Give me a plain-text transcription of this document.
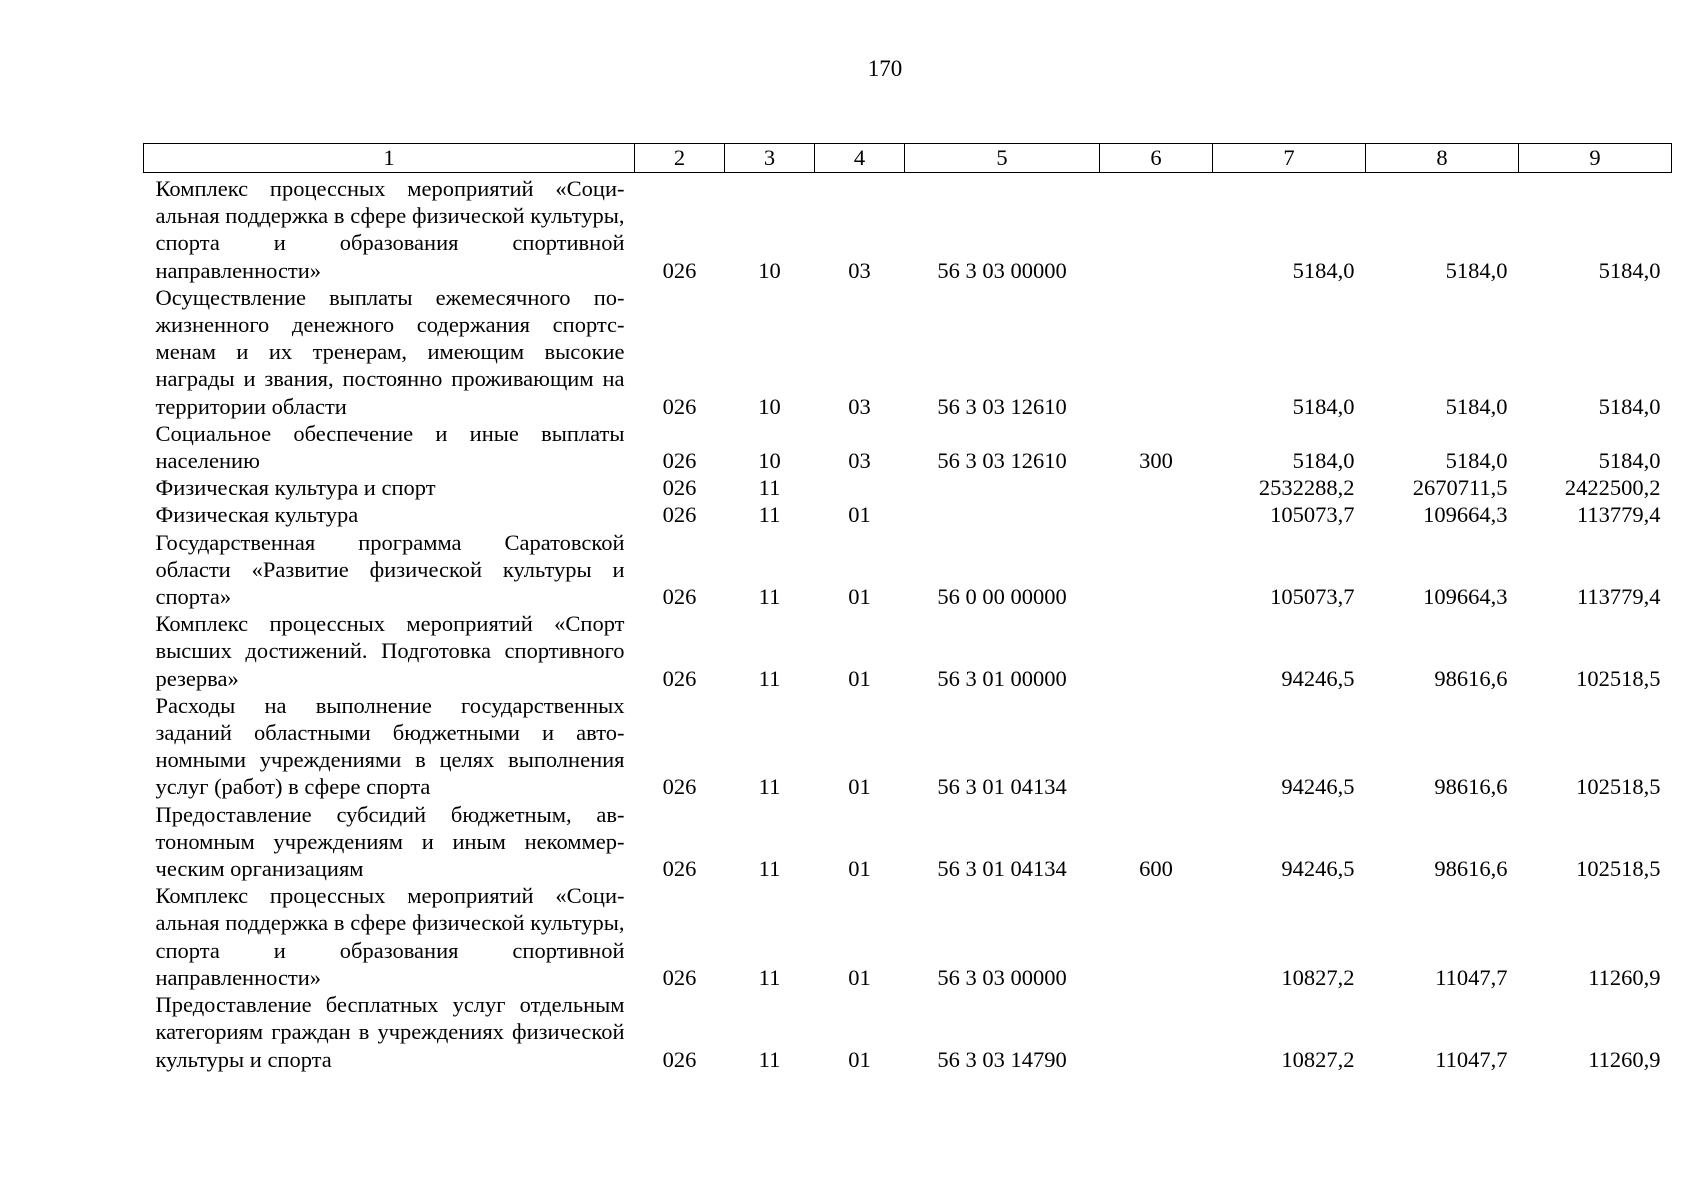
170
1	2	3	4	5	6	7	8	9
Комплекс процессных мероприятий «Социальная поддержка в сфере физической культуры, спорта и образования спортивной направленности»	026	10	03	56 3 03 00000		5184,0	5184,0	5184,0
Осуществление выплаты ежемесячного пожизненного денежного содержания спортсменам и их тренерам, имеющим высокие награды и звания, постоянно проживающим на территории области	026	10	03	56 3 03 12610		5184,0	5184,0	5184,0
Социальное обеспечение и иные выплаты населению	026	10	03	56 3 03 12610	300	5184,0	5184,0	5184,0
Физическая культура и спорт	026	11				2532288,2	2670711,5	2422500,2
Физическая культура	026	11	01			105073,7	109664,3	113779,4
Государственная программа Саратовской области «Развитие физической культуры и спорта»	026	11	01	56 0 00 00000		105073,7	109664,3	113779,4
Комплекс процессных мероприятий «Спорт высших достижений. Подготовка спортивного резерва»	026	11	01	56 3 01 00000		94246,5	98616,6	102518,5
Расходы на выполнение государственных заданий областными бюджетными и автономными учреждениями в целях выполнения услуг (работ) в сфере спорта	026	11	01	56 3 01 04134		94246,5	98616,6	102518,5
Предоставление субсидий бюджетным, автономным учреждениям и иным некоммерческим организациям	026	11	01	56 3 01 04134	600	94246,5	98616,6	102518,5
Комплекс процессных мероприятий «Социальная поддержка в сфере физической культуры, спорта и образования спортивной направленности»	026	11	01	56 3 03 00000		10827,2	11047,7	11260,9
Предоставление бесплатных услуг отдельным категориям граждан в учреждениях физической культуры и спорта	026	11	01	56 3 03 14790		10827,2	11047,7	11260,9
